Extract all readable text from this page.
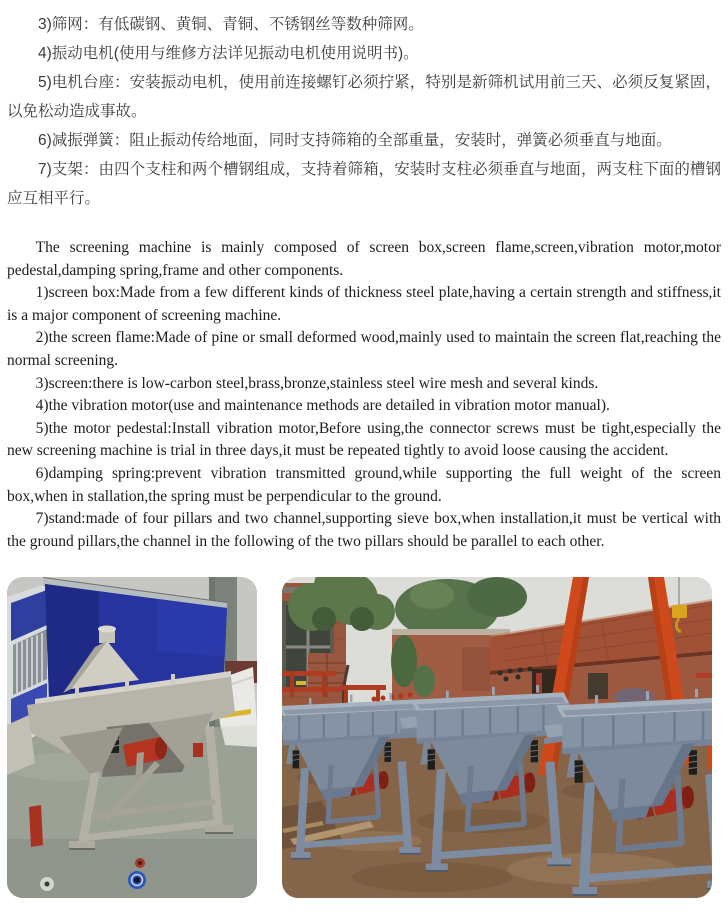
3)筛网：有低碳钢、黄铜、青铜、不锈钢丝等数种筛网。

4)振动电机(使用与维修方法详见振动电机使用说明书)。

5)电机台座：安装振动电机，使用前连接螺钉必须拧紧，特别是新筛机试用前三天、必须反复紧固，以免松动造成事故。

6)减振弹簧：阻止振动传给地面，同时支持筛箱的全部重量，安装时，弹簧必须垂直与地面。

7)支架：由四个支柱和两个槽钢组成，支持着筛箱，安装时支柱必须垂直与地面，两支柱下面的槽钢应互相平行。

The screening machine is mainly composed of screen box,screen flame,screen,vibration motor,motor pedestal,damping spring,frame and other components.

1)screen box:Made from a few different kinds of thickness steel plate,having a certain strength and stiffness,it is a major component of screening machine.

2)the screen flame:Made of pine or small deformed wood,mainly used to maintain the screen flat,reaching the normal screening.

3)screen:there is low-carbon steel,brass,bronze,stainless steel wire mesh and several kinds.

4)the vibration motor(use and maintenance methods are detailed in vibration motor manual).

5)the motor pedestal:Install vibration motor,Before using,the connector screws must be tight,especially the new screening machine is trial in three days,it must be repeated tightly to avoid loose causing the accident.

6)damping spring:prevent vibration transmitted ground,while supporting the full weight of the screen box,when in stallation,the spring must be perpendicular to the ground.

7)stand:made of four pillars and two channel,supporting sieve box,when installation,it must be vertical with the ground pillars,the channel in the following of the two pillars should be parallel to each other.
